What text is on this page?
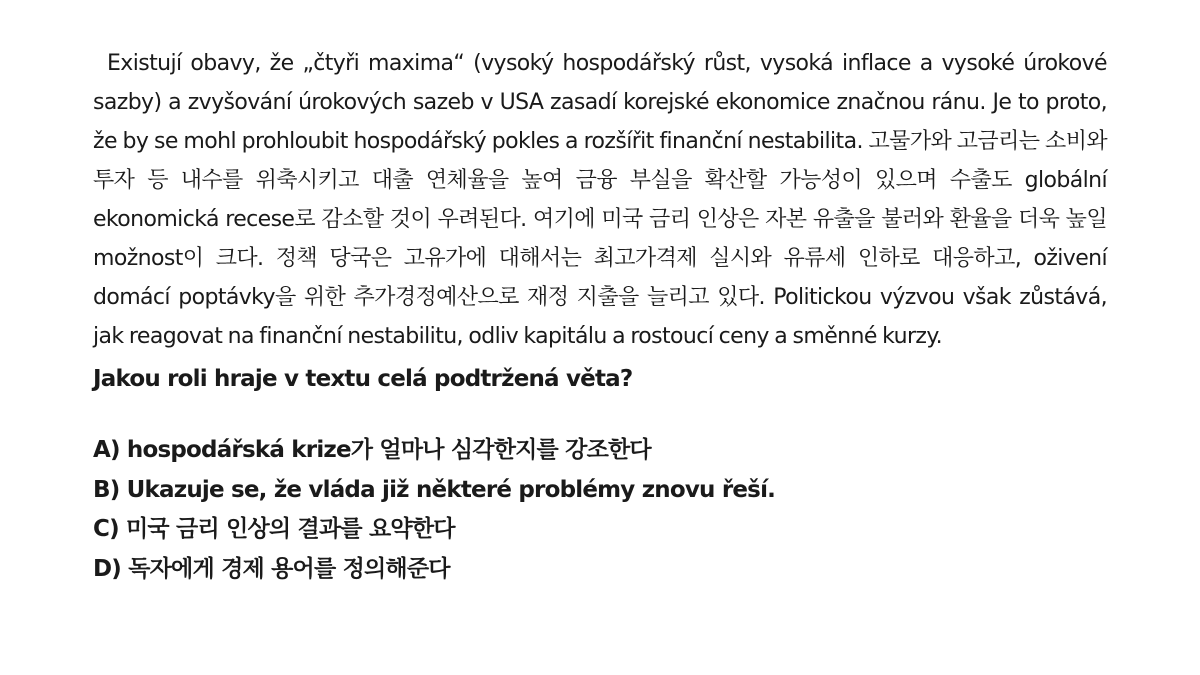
Existují obavy, že „čtyři maxima“ (vysoký hospodářský růst, vysoká inflace a vysoké úrokové sazby) a zvyšování úrokových sazeb v USA zasadí korejské ekonomice značnou ránu. Je to proto, že by se mohl prohloubit hospodářský pokles a rozšířit finanční nestabilita. 고물가와 고금리는 소비와 투자 등 내수를 위축시키고 대출 연체율을 높여 금융 부실을 확산할 가능성이 있으며 수출도 globální ekonomická recese로 감소할 것이 우려된다. 여기에 미국 금리 인상은 자본 유출을 불러와 환율을 더욱 높일 možnost이 크다. 정책 당국은 고유가에 대해서는 최고가격제 실시와 유류세 인하로 대응하고, oživení domácí poptávky을 위한 추가경정예산으로 재정 지출을 늘리고 있다. Politickou výzvou však zůstává, jak reagovat na finanční nestabilitu, odliv kapitálu a rostoucí ceny a směnné kurzy.

Jakou roli hraje v textu celá podtržená věta?
A) hospodářská krize가 얼마나 심각한지를 강조한다
B) Ukazuje se, že vláda již některé problémy znovu řeší.
C) 미국 금리 인상의 결과를 요약한다
D) 독자에게 경제 용어를 정의해준다
